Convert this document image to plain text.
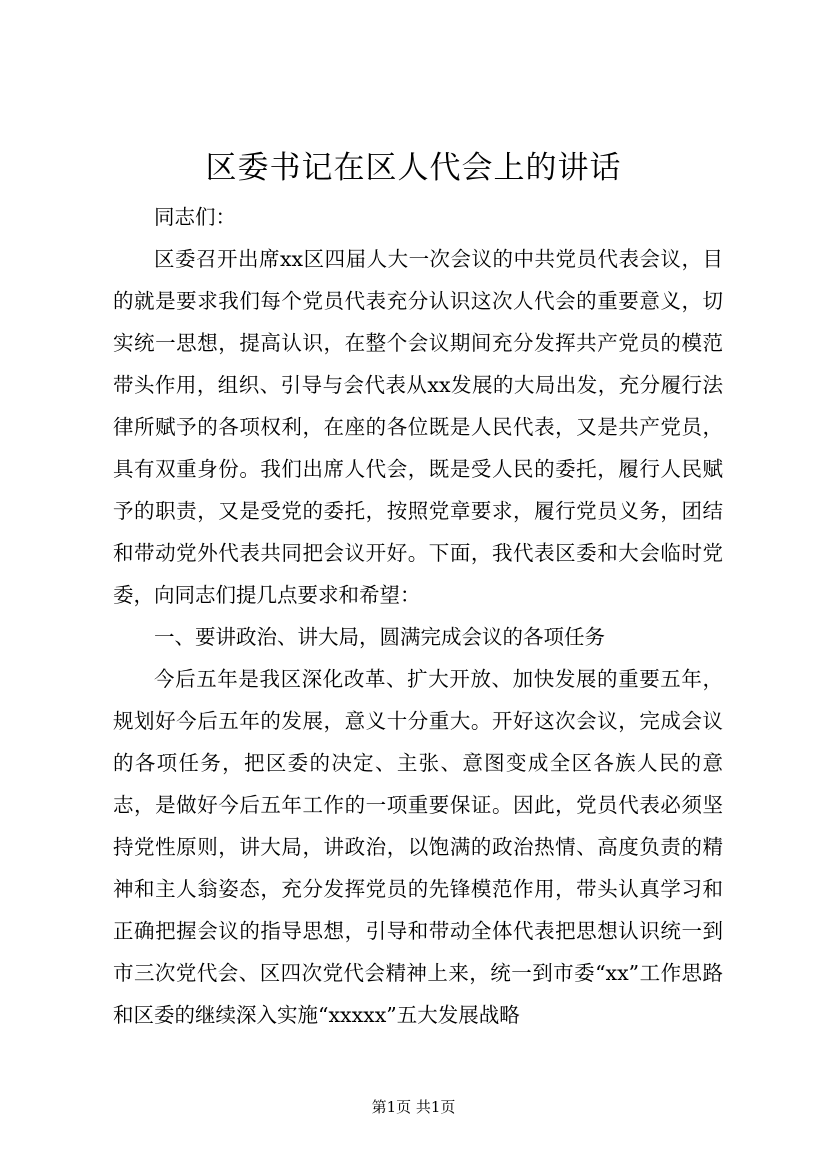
区委书记在区人代会上的讲话

同志们：

区委召开出席xx区四届人大一次会议的中共党员代表会议，目的就是要求我们每个党员代表充分认识这次人代会的重要意义，切实统一思想，提高认识，在整个会议期间充分发挥共产党员的模范带头作用，组织、引导与会代表从xx发展的大局出发，充分履行法律所赋予的各项权利，在座的各位既是人民代表，又是共产党员，具有双重身份。我们出席人代会，既是受人民的委托，履行人民赋予的职责，又是受党的委托，按照党章要求，履行党员义务，团结和带动党外代表共同把会议开好。下面，我代表区委和大会临时党委，向同志们提几点要求和希望：

一、要讲政治、讲大局，圆满完成会议的各项任务

今后五年是我区深化改革、扩大开放、加快发展的重要五年，规划好今后五年的发展，意义十分重大。开好这次会议，完成会议的各项任务，把区委的决定、主张、意图变成全区各族人民的意志，是做好今后五年工作的一项重要保证。因此，党员代表必须坚持党性原则，讲大局，讲政治，以饱满的政治热情、高度负责的精神和主人翁姿态，充分发挥党员的先锋模范作用，带头认真学习和正确把握会议的指导思想，引导和带动全体代表把思想认识统一到市三次党代会、区四次党代会精神上来，统一到市委“xx”工作思路和区委的继续深入实施“xxxxx”五大发展战略

第1页 共1页
